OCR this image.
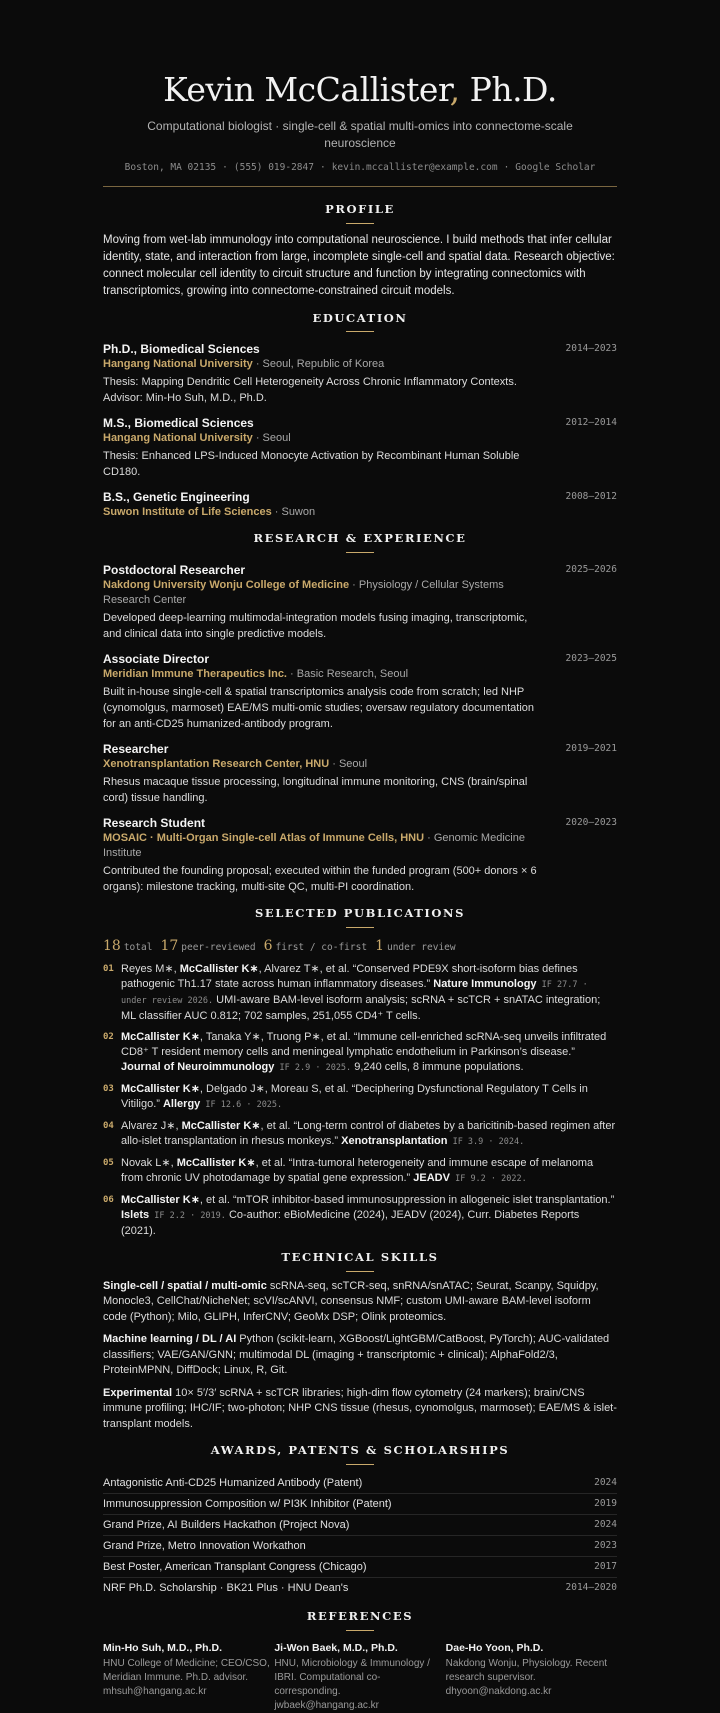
Kevin McCallister, Ph.D.
Computational biologist · single-cell & spatial multi-omics into connectome-scale neuroscience
Boston, MA 02135 · (555) 019-2847 · kevin.mccallister@example.com · Google Scholar
PROFILE

Moving from wet-lab immunology into computational neuroscience. I build methods that infer cellular identity, state, and interaction from large, incomplete single-cell and spatial data. Research objective: connect molecular cell identity to circuit structure and function by integrating connectomics with transcriptomics, growing into connectome-constrained circuit models.

EDUCATION
Ph.D., Biomedical Sciences	2014–2023
Hangang National University · Seoul, Republic of Korea
Thesis: Mapping Dendritic Cell Heterogeneity Across Chronic Inflammatory Contexts. Advisor: Min-Ho Suh, M.D., Ph.D.
M.S., Biomedical Sciences	2012–2014
Hangang National University · Seoul
Thesis: Enhanced LPS-Induced Monocyte Activation by Recombinant Human Soluble CD180.
B.S., Genetic Engineering	2008–2012
Suwon Institute of Life Sciences · Suwon
RESEARCH & EXPERIENCE
Postdoctoral Researcher	2025–2026
Nakdong University Wonju College of Medicine · Physiology / Cellular Systems Research Center
Developed deep-learning multimodal-integration models fusing imaging, transcriptomic, and clinical data into single predictive models.
Associate Director	2023–2025
Meridian Immune Therapeutics Inc. · Basic Research, Seoul
Built in-house single-cell & spatial transcriptomics analysis code from scratch; led NHP (cynomolgus, marmoset) EAE/MS multi-omic studies; oversaw regulatory documentation for an anti-CD25 humanized-antibody program.
Researcher	2019–2021
Xenotransplantation Research Center, HNU · Seoul
Rhesus macaque tissue processing, longitudinal immune monitoring, CNS (brain/spinal cord) tissue handling.
Research Student	2020–2023
MOSAIC · Multi-Organ Single-cell Atlas of Immune Cells, HNU · Genomic Medicine Institute
Contributed the founding proposal; executed within the funded program (500+ donors × 6 organs): milestone tracking, multi-site QC, multi-PI coordination.
SELECTED PUBLICATIONS
18 total 17 peer-reviewed 6 first / co-first 1 under review
01 Reyes M∗, McCallister K∗, Alvarez T∗, et al. “Conserved PDE9X short-isoform bias defines pathogenic Th1.17 state across human inflammatory diseases.” Nature Immunology IF 27.7 · under review 2026. UMI-aware BAM-level isoform analysis; scRNA + scTCR + snATAC integration; ML classifier AUC 0.812; 702 samples, 251,055 CD4⁺ T cells.
02 McCallister K∗, Tanaka Y∗, Truong P∗, et al. “Immune cell-enriched scRNA-seq unveils infiltrated CD8⁺ T resident memory cells and meningeal lymphatic endothelium in Parkinson’s disease.” Journal of Neuroimmunology IF 2.9 · 2025. 9,240 cells, 8 immune populations.
03 McCallister K∗, Delgado J∗, Moreau S, et al. “Deciphering Dysfunctional Regulatory T Cells in Vitiligo.” Allergy IF 12.6 · 2025.
04 Alvarez J∗, McCallister K∗, et al. “Long-term control of diabetes by a baricitinib-based regimen after allo-islet transplantation in rhesus monkeys.” Xenotransplantation IF 3.9 · 2024.
05 Novak L∗, McCallister K∗, et al. “Intra-tumoral heterogeneity and immune escape of melanoma from chronic UV photodamage by spatial gene expression.” JEADV IF 9.2 · 2022.
06 McCallister K∗, et al. “mTOR inhibitor-based immunosuppression in allogeneic islet transplantation.” Islets IF 2.2 · 2019. Co-author: eBioMedicine (2024), JEADV (2024), Curr. Diabetes Reports (2021).
TECHNICAL SKILLS

Single-cell / spatial / multi-omic scRNA-seq, scTCR-seq, snRNA/snATAC; Seurat, Scanpy, Squidpy, Monocle3, CellChat/NicheNet; scVI/scANVI, consensus NMF; custom UMI-aware BAM-level isoform code (Python); Milo, GLIPH, InferCNV; GeoMx DSP; Olink proteomics.

Machine learning / DL / AI Python (scikit-learn, XGBoost/LightGBM/CatBoost, PyTorch); AUC-validated classifiers; VAE/GAN/GNN; multimodal DL (imaging + transcriptomic + clinical); AlphaFold2/3, ProteinMPNN, DiffDock; Linux, R, Git.

Experimental 10× 5′/3′ scRNA + scTCR libraries; high-dim flow cytometry (24 markers); brain/CNS immune profiling; IHC/IF; two-photon; NHP CNS tissue (rhesus, cynomolgus, marmoset); EAE/MS & islet-transplant models.

AWARDS, PATENTS & SCHOLARSHIPS
Antagonistic Anti-CD25 Humanized Antibody (Patent)	2024
Immunosuppression Composition w/ PI3K Inhibitor (Patent)	2019
Grand Prize, AI Builders Hackathon (Project Nova)	2024
Grand Prize, Metro Innovation Workathon	2023
Best Poster, American Transplant Congress (Chicago)	2017
NRF Ph.D. Scholarship · BK21 Plus · HNU Dean's	2014–2020
REFERENCES
Min-Ho Suh, M.D., Ph.D.
HNU College of Medicine; CEO/CSO, Meridian Immune. Ph.D. advisor.
mhsuh@hangang.ac.kr
Ji-Won Baek, M.D., Ph.D.
HNU, Microbiology & Immunology / IBRI. Computational co-corresponding.
jwbaek@hangang.ac.kr
Dae-Ho Yoon, Ph.D.
Nakdong Wonju, Physiology. Recent research supervisor.
dhyoon@nakdong.ac.kr
